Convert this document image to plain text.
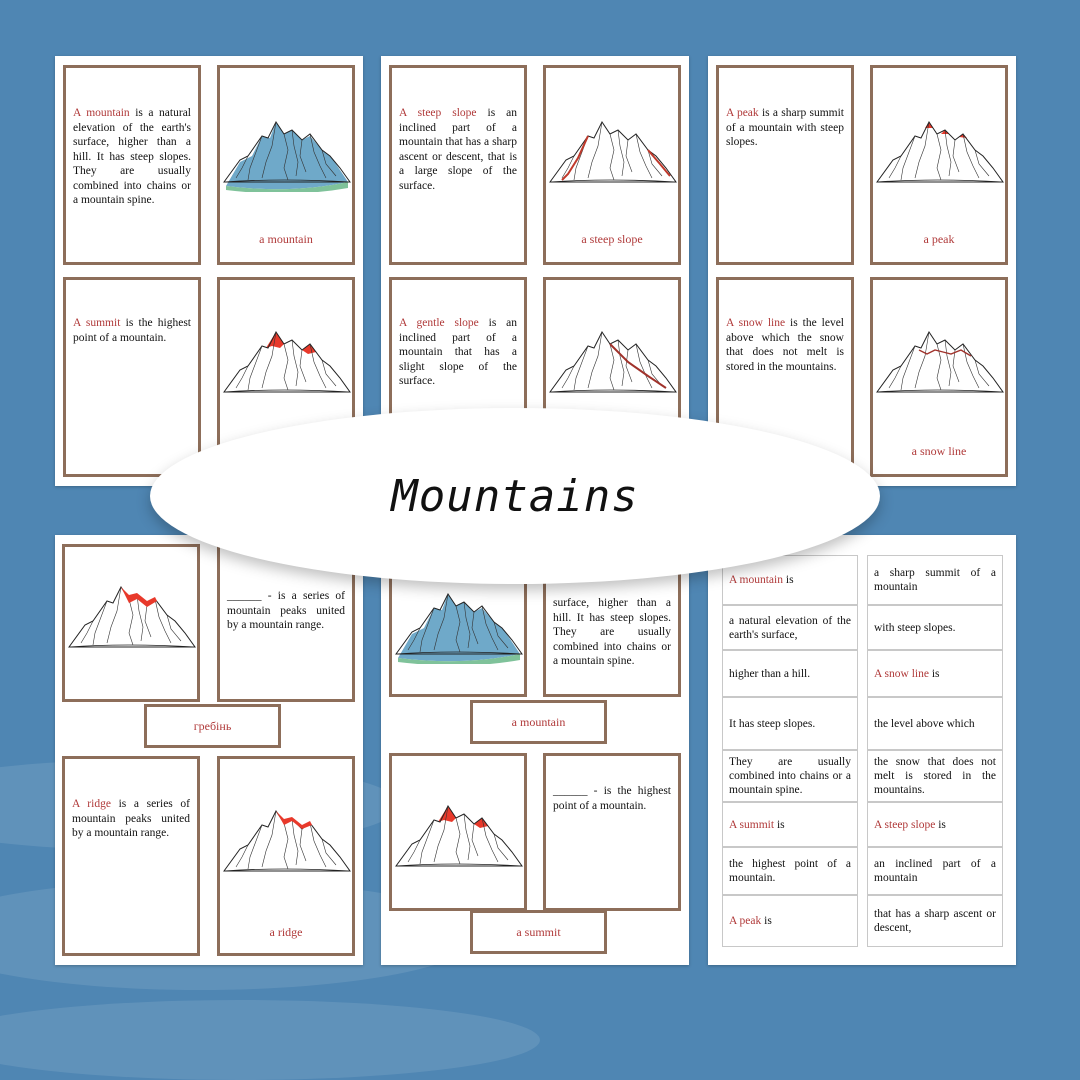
A mountain is a natural elevation of the earth's surface, higher than a hill. It has steep slopes. They are usually combined into chains or a mountain spine.
a mountain
A summit is the highest point of a mountain.
A steep slope is an inclined part of a mountain that has a sharp ascent or descent, that is a large slope of the surface.
a steep slope
A gentle slope is an inclined part of a mountain that has a slight slope of the surface.
A peak is a sharp summit of a mountain with steep slopes.
a peak
A snow line is the level above which the snow that does not melt is stored in the mountains.
a snow line
______ - is a series of mountain peaks united by a mountain range.
гребінь
A ridge is a series of mountain peaks united by a mountain range.
a ridge
surface, higher than a hill. It has steep slopes. They are usually combined into chains or a mountain spine.
a mountain
______ - is the highest point of a mountain.
a summit
A mountain is
a natural elevation of the earth's surface,
higher than a hill.
It has steep slopes.
They are usually combined into chains or a mountain spine.
A summit is
the highest point of a mountain.
A peak is
a sharp summit of a mountain
with steep slopes.
A snow line is
the level above which
the snow that does not melt is stored in the mountains.
A steep slope is
an inclined part of a mountain
that has a sharp ascent or descent,
Mountains
